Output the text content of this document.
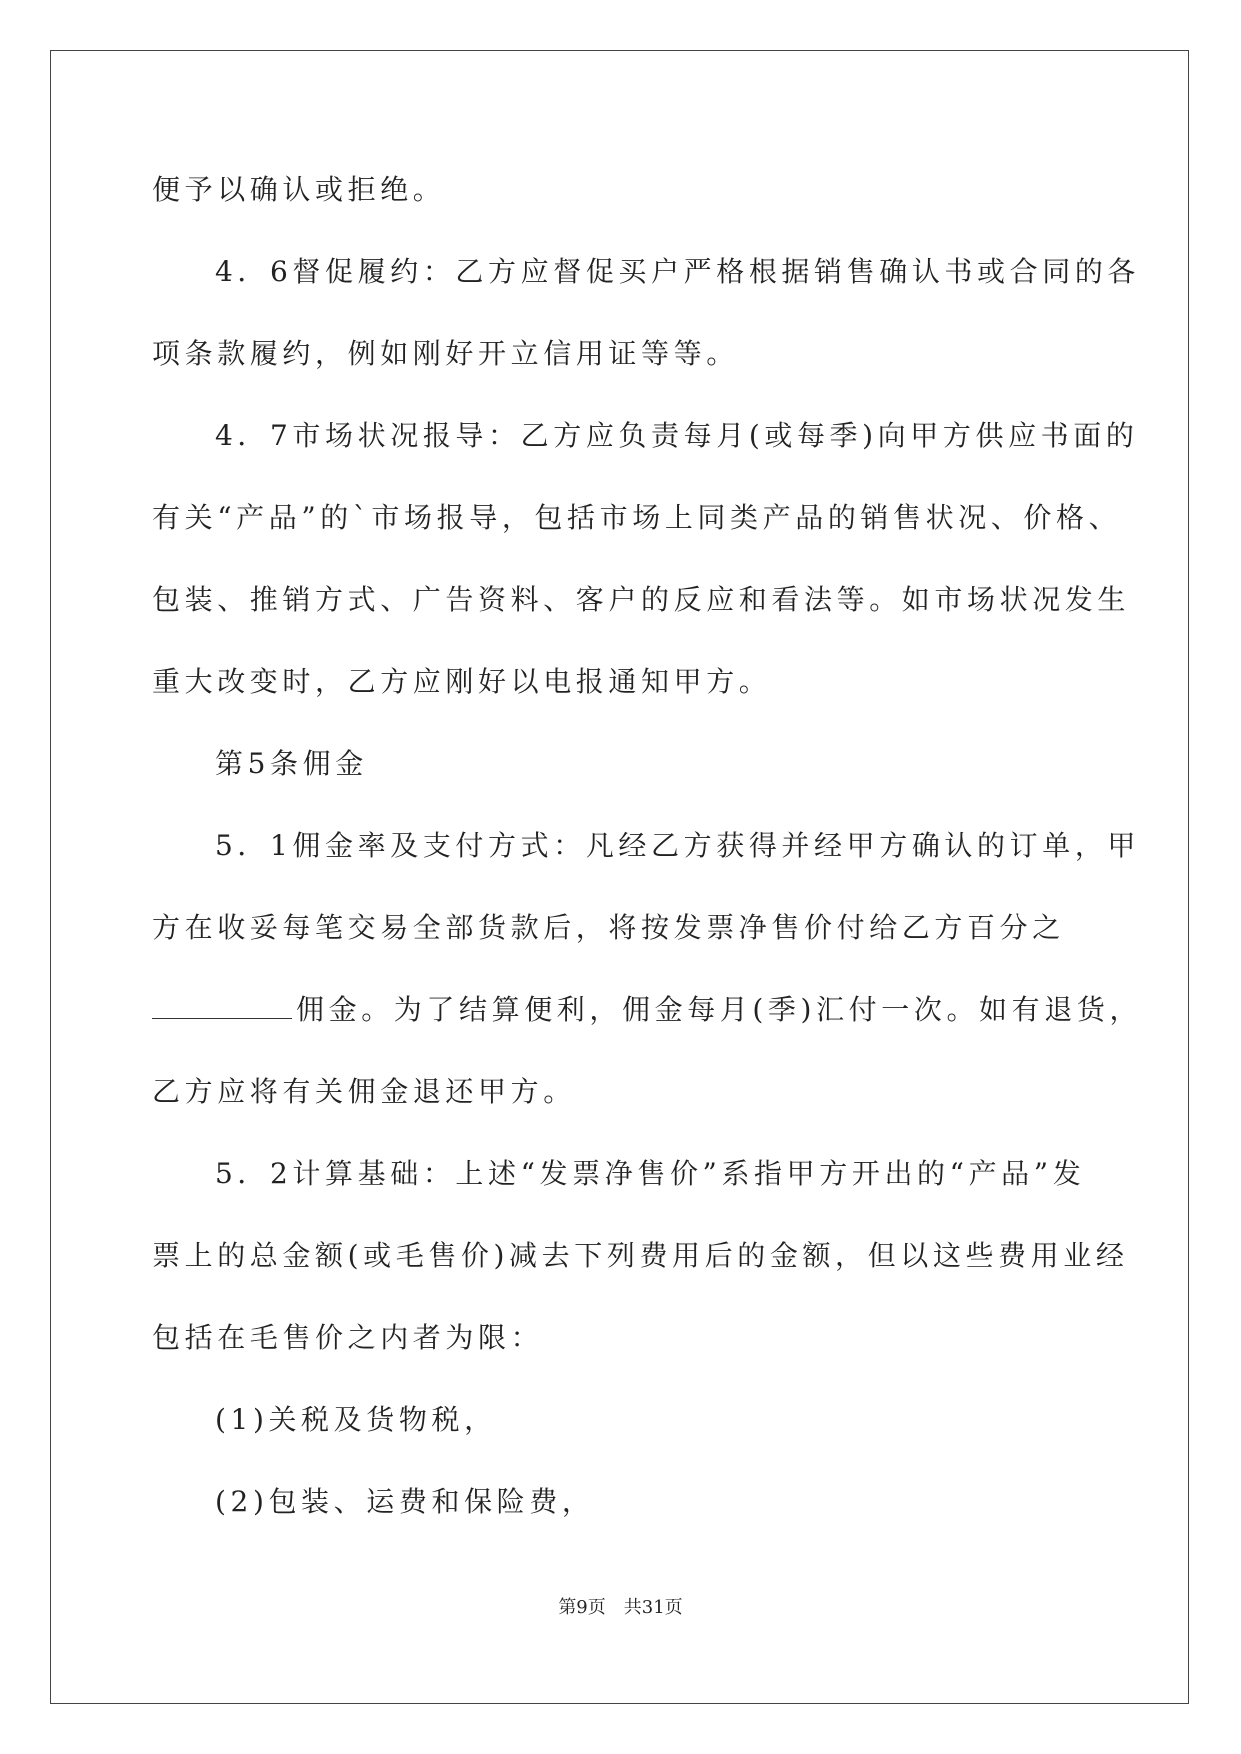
便予以确认或拒绝。
4．6督促履约：乙方应督促买户严格根据销售确认书或合同的各
项条款履约，例如刚好开立信用证等等。
4．7市场状况报导：乙方应负责每月(或每季)向甲方供应书面的
有关“产品”的`市场报导，包括市场上同类产品的销售状况、价格、
包装、推销方式、广告资料、客户的反应和看法等。如市场状况发生
重大改变时，乙方应刚好以电报通知甲方。
第5条佣金
5．1佣金率及支付方式：凡经乙方获得并经甲方确认的订单，甲
方在收妥每笔交易全部货款后，将按发票净售价付给乙方百分之
佣金。为了结算便利，佣金每月(季)汇付一次。如有退货，
乙方应将有关佣金退还甲方。
5．2计算基础：上述“发票净售价”系指甲方开出的“产品”发
票上的总金额(或毛售价)减去下列费用后的金额，但以这些费用业经
包括在毛售价之内者为限：
(1)关税及货物税，
(2)包装、运费和保险费，
第9页　共31页
